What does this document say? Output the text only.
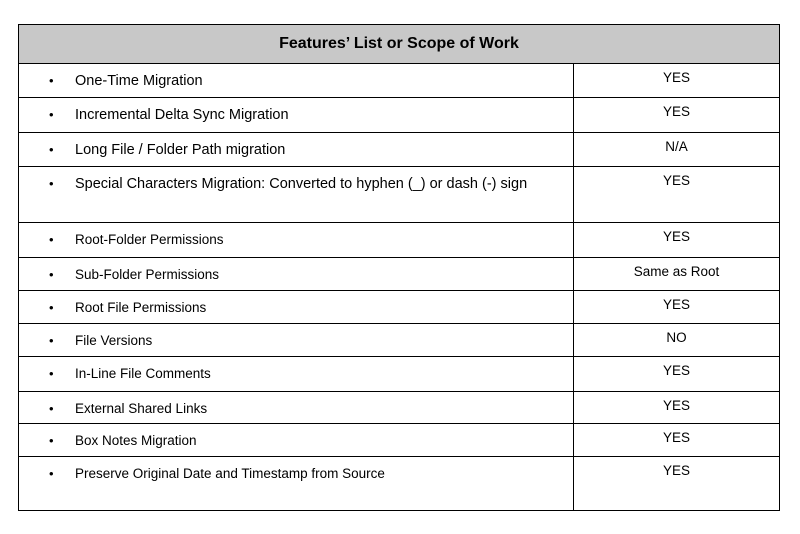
Features’ List or Scope of Work
•	One-Time Migration	YES
•	Incremental Delta Sync Migration	YES
•	Long File / Folder Path migration	N/A
•	Special Characters Migration: Converted to hyphen (_) or dash (-) sign	YES
•	Root-Folder Permissions	YES
•	Sub-Folder Permissions	Same as Root
•	Root File Permissions	YES
•	File Versions	NO
•	In-Line File Comments	YES
•	External Shared Links	YES
•	Box Notes Migration	YES
•	Preserve Original Date and Timestamp from Source	YES
